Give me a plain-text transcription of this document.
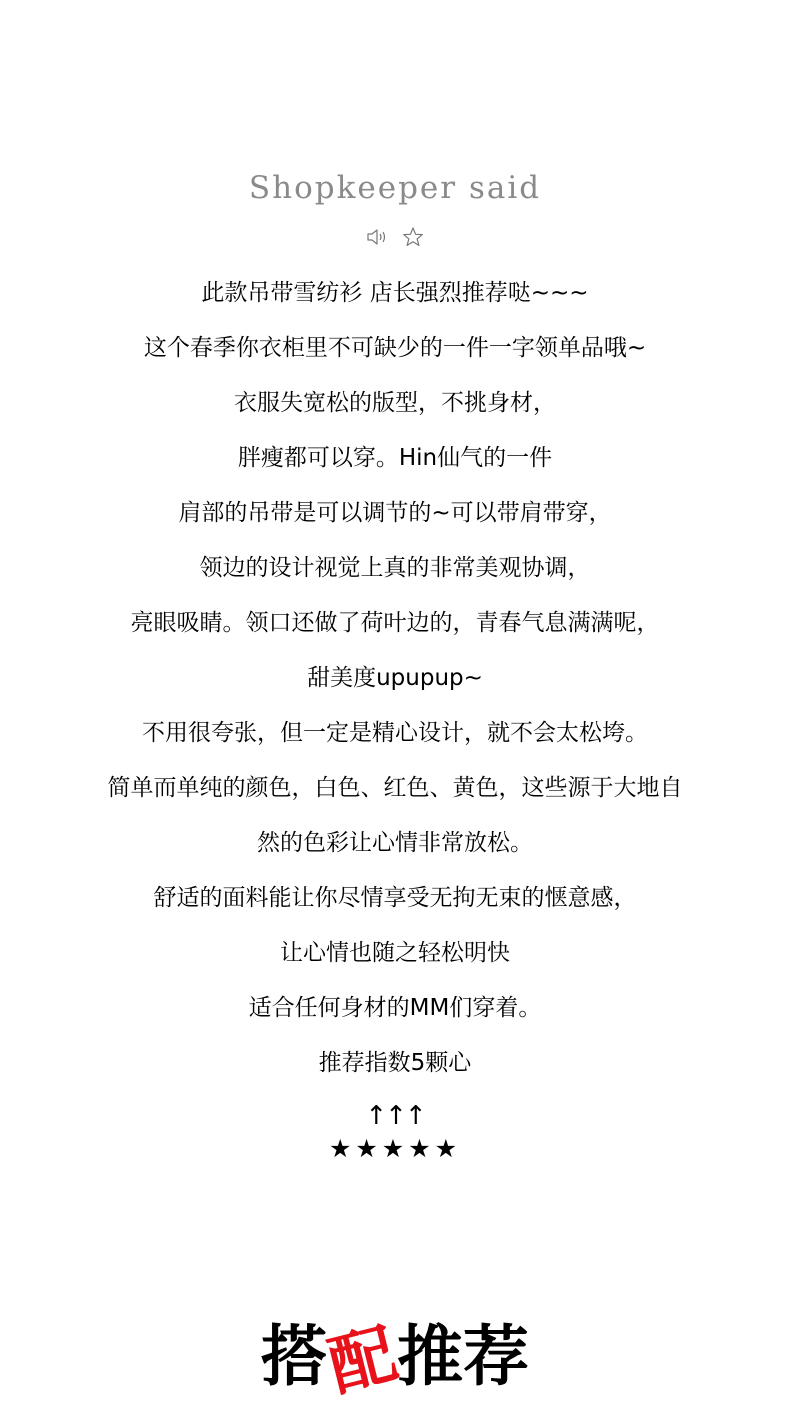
Shopkeeper said
此款吊带雪纺衫 店长强烈推荐哒~~~
这个春季你衣柜里不可缺少的一件一字领单品哦~
衣服失宽松的版型，不挑身材，
胖瘦都可以穿。Hin仙气的一件
肩部的吊带是可以调节的~可以带肩带穿，
领边的设计视觉上真的非常美观协调，
亮眼吸睛。领口还做了荷叶边的，青春气息满满呢，
甜美度upupup~
不用很夸张，但一定是精心设计，就不会太松垮。
简单而单纯的颜色，白色、红色、黄色，这些源于大地自
然的色彩让心情非常放松。
舒适的面料能让你尽情享受无拘无束的惬意感，
让心情也随之轻松明快
适合任何身材的MM们穿着。
推荐指数5颗心
↑↑↑
★★★★★
搭
配
推 荐
